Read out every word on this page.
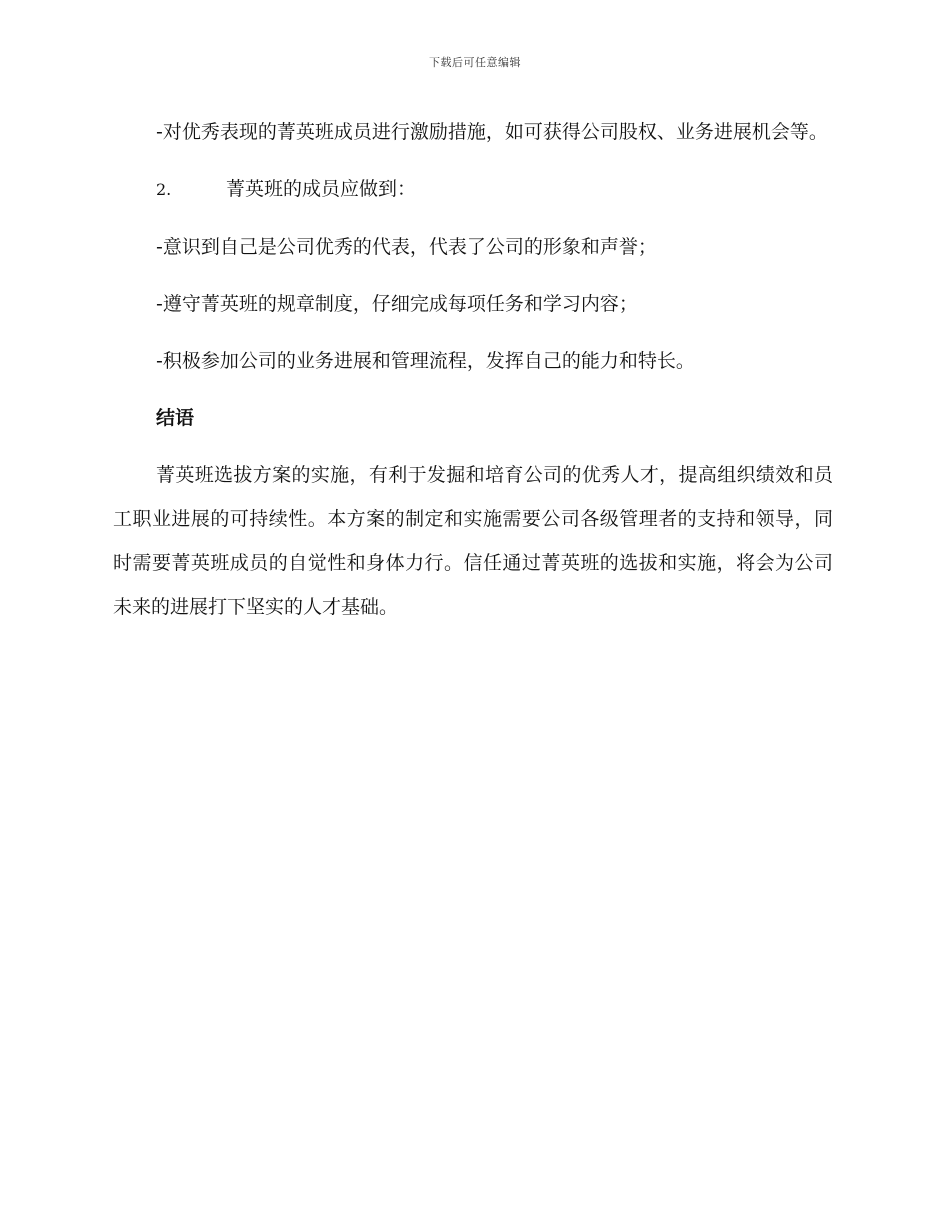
下载后可任意编辑

-对优秀表现的菁英班成员进行激励措施，如可获得公司股权、业务进展机会等。

2.	菁英班的成员应做到：

-意识到自己是公司优秀的代表，代表了公司的形象和声誉；

-遵守菁英班的规章制度，仔细完成每项任务和学习内容；

-积极参加公司的业务进展和管理流程，发挥自己的能力和特长。

结语

菁英班选拔方案的实施，有利于发掘和培育公司的优秀人才，提高组织绩效和员工职业进展的可持续性。本方案的制定和实施需要公司各级管理者的支持和领导，同时需要菁英班成员的自觉性和身体力行。信任通过菁英班的选拔和实施，将会为公司未来的进展打下坚实的人才基础。
